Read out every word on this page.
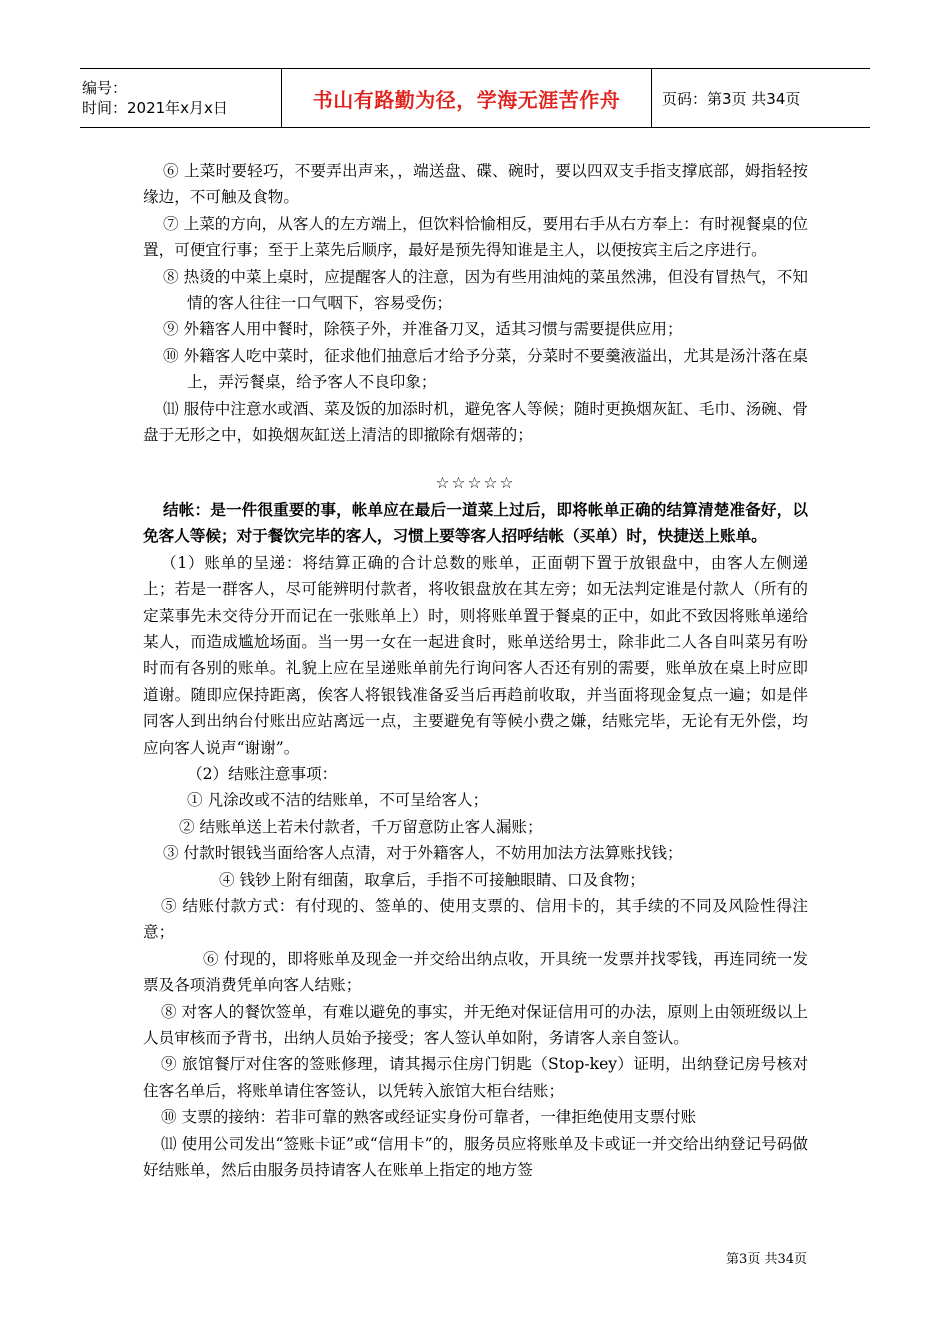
编号：
时间：2021年x月x日	书山有路勤为径，学海无涯苦作舟	页码：第3页 共34页

⑥ 上菜时要轻巧，不要弄出声来，，端送盘、碟、碗时，要以四双支手指支撑底部，姆指轻按缘边，不可触及食物。

⑦ 上菜的方向，从客人的左方端上，但饮料恰愉相反，要用右手从右方奉上：有时视餐桌的位置，可便宜行事；至于上菜先后顺序，最好是预先得知谁是主人，以便按宾主后之序进行。

⑧ 热烫的中菜上桌时，应提醒客人的注意，因为有些用油炖的菜虽然沸，但没有冒热气，不知情的客人往往一口气咽下，容易受伤；

⑨ 外籍客人用中餐时，除筷子外，并准备刀叉，适其习惯与需要提供应用；

⑩ 外籍客人吃中菜时，征求他们抽意后才给予分菜，分菜时不要羹液溢出，尤其是汤汁落在桌上，弄污餐桌，给予客人不良印象；

⑾ 服侍中注意水或酒、菜及饭的加添时机，避免客人等候；随时更换烟灰缸、毛巾、汤碗、骨盘于无形之中，如换烟灰缸送上清洁的即撤除有烟蒂的；

☆☆☆☆☆

结帐：是一件很重要的事，帐单应在最后一道菜上过后，即将帐单正确的结算清楚准备好，以免客人等候；对于餐饮完毕的客人，习惯上要等客人招呼结帐（买单）时，快捷送上账单。

（1）账单的呈递：将结算正确的合计总数的账单，正面朝下置于放银盘中，由客人左侧递上；若是一群客人，尽可能辨明付款者，将收银盘放在其左旁；如无法判定谁是付款人（所有的定菜事先未交待分开而记在一张账单上）时，则将账单置于餐桌的正中，如此不致因将账单递给某人，而造成尴尬场面。当一男一女在一起进食时，账单送给男士，除非此二人各自叫菜另有吩时而有各别的账单。礼貌上应在呈递账单前先行询问客人否还有别的需要，账单放在桌上时应即道谢。随即应保持距离，俟客人将银钱准备妥当后再趋前收取，并当面将现金复点一遍；如是伴同客人到出纳台付账出应站离远一点，主要避免有等候小费之嫌，结账完毕，无论有无外偿，均应向客人说声“谢谢”。

（2）结账注意事项：

① 凡涂改或不洁的结账单，不可呈给客人；

② 结账单送上若未付款者，千万留意防止客人漏账；

③ 付款时银钱当面给客人点清，对于外籍客人，不妨用加法方法算账找钱；

④ 钱钞上附有细菌，取拿后，手指不可接触眼睛、口及食物；

⑤ 结账付款方式：有付现的、签单的、使用支票的、信用卡的，其手续的不同及风险性得注意；

⑥ 付现的，即将账单及现金一并交给出纳点收，开具统一发票并找零钱，再连同统一发票及各项消费凭单向客人结账；

⑧ 对客人的餐饮签单，有难以避免的事实，并无绝对保证信用可的办法，原则上由领班级以上人员审核而予背书，出纳人员始予接受；客人签认单如附，务请客人亲自签认。

⑨ 旅馆餐厅对住客的签账修理，请其揭示住房门钥匙（Stop-key）证明，出纳登记房号核对住客名单后，将账单请住客签认，以凭转入旅馆大柜台结账；

⑩ 支票的接纳：若非可靠的熟客或经证实身份可靠者，一律拒绝使用支票付账

⑾ 使用公司发出“签账卡证”或“信用卡”的，服务员应将账单及卡或证一并交给出纳登记号码做好结账单，然后由服务员持请客人在账单上指定的地方签

第3页 共34页
